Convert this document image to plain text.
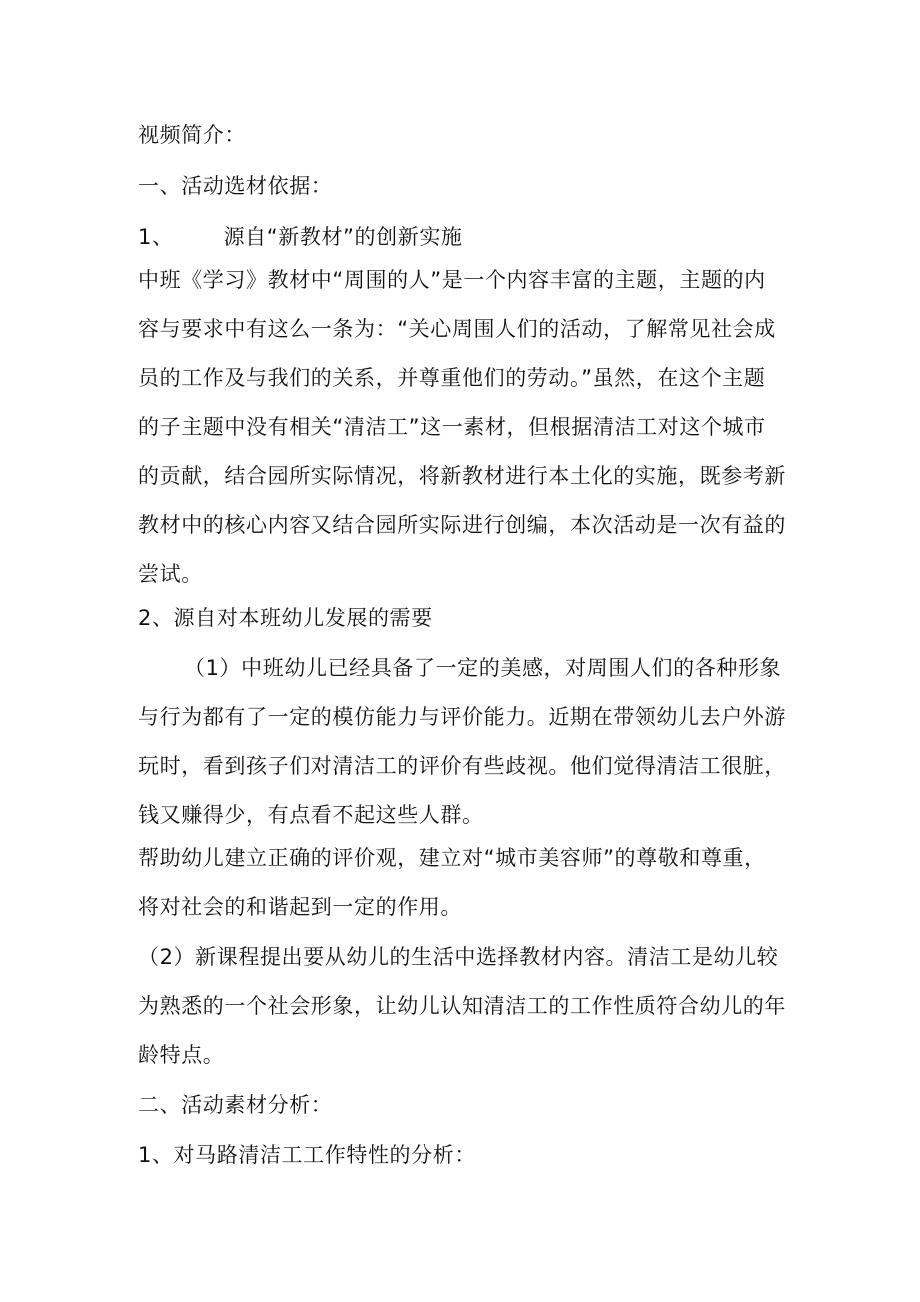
视频简介：
一、活动选材依据：
1、 源自“新教材”的创新实施
中班《学习》教材中“周围的人”是一个内容丰富的主题，主题的内
容与要求中有这么一条为：“关心周围人们的活动，了解常见社会成
员的工作及与我们的关系，并尊重他们的劳动。”虽然，在这个主题
的子主题中没有相关“清洁工”这一素材，但根据清洁工对这个城市
的贡献，结合园所实际情况，将新教材进行本土化的实施，既参考新
教材中的核心内容又结合园所实际进行创编，本次活动是一次有益的
尝试。
2、源自对本班幼儿发展的需要
（1）中班幼儿已经具备了一定的美感，对周围人们的各种形象
与行为都有了一定的模仿能力与评价能力。近期在带领幼儿去户外游
玩时，看到孩子们对清洁工的评价有些歧视。他们觉得清洁工很脏，
钱又赚得少，有点看不起这些人群。
帮助幼儿建立正确的评价观，建立对“城市美容师”的尊敬和尊重，
将对社会的和谐起到一定的作用。
（2）新课程提出要从幼儿的生活中选择教材内容。清洁工是幼儿较
为熟悉的一个社会形象，让幼儿认知清洁工的工作性质符合幼儿的年
龄特点。
二、活动素材分析：
1、对马路清洁工工作特性的分析：
